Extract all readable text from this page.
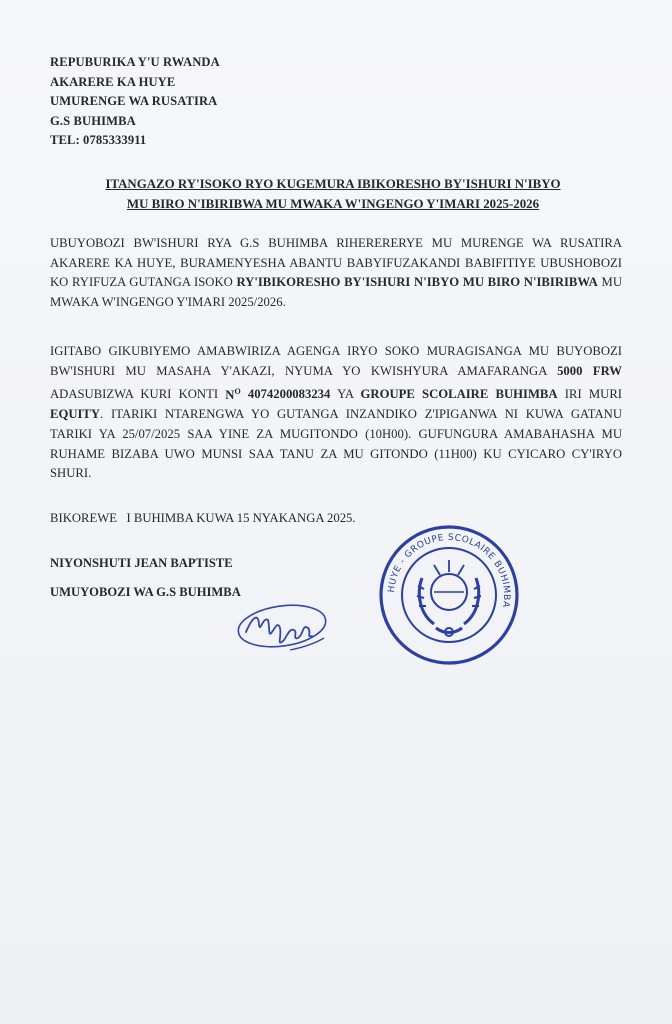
REPUBURIKA Y'U RWANDA
AKARERE KA HUYE
UMURENGE WA RUSATIRA
G.S BUHIMBA
TEL: 0785333911
ITANGAZO RY'ISOKO RYO KUGEMURA IBIKORESHO BY'ISHURI N'IBYO
MU BIRO N'IBIRIBWA MU MWAKA W'INGENGO Y'IMARI 2025-2026
UBUYOBOZI BW'ISHURI RYA G.S BUHIMBA RIHERERERYE MU MURENGE WA RUSATIRA AKARERE KA HUYE, BURAMENYESHA ABANTU BABYIFUZAKANDI BABIFITIYE UBUSHOBOZI KO RYIFUZA GUTANGA ISOKO RY'IBIKORESHO BY'ISHURI N'IBYO MU BIRO N'IBIRIBWA MU MWAKA W'INGENGO Y'IMARI 2025/2026.
IGITABO GIKUBIYEMO AMABWIRIZA AGENGA IRYO SOKO MURAGISANGA MU BUYOBOZI BW'ISHURI MU MASAHA Y'AKAZI, NYUMA YO KWISHYURA AMAFARANGA 5000 FRW ADASUBIZWA KURI KONTI $N^O$ 4074200083234 YA GROUPE SCOLAIRE BUHIMBA IRI MURI EQUITY. ITARIKI NTARENGWA YO GUTANGA INZANDIKO Z'IPIGANWA NI KUWA GATANU TARIKI YA 25/07/2025 SAA YINE ZA MUGITONDO (10H00). GUFUNGURA AMABAHASHA MU RUHAME BIZABA UWO MUNSI SAA TANU ZA MU GITONDO (11H00) KU CYICARO CY'IRYO SHURI.
BIKOREWE   I BUHIMBA KUWA 15 NYAKANGA 2025.
NIYONSHUTI JEAN BAPTISTE
UMUYOBOZI WA G.S BUHIMBA	HUYE - GROUPE SCOLAIRE BUHIMBA
